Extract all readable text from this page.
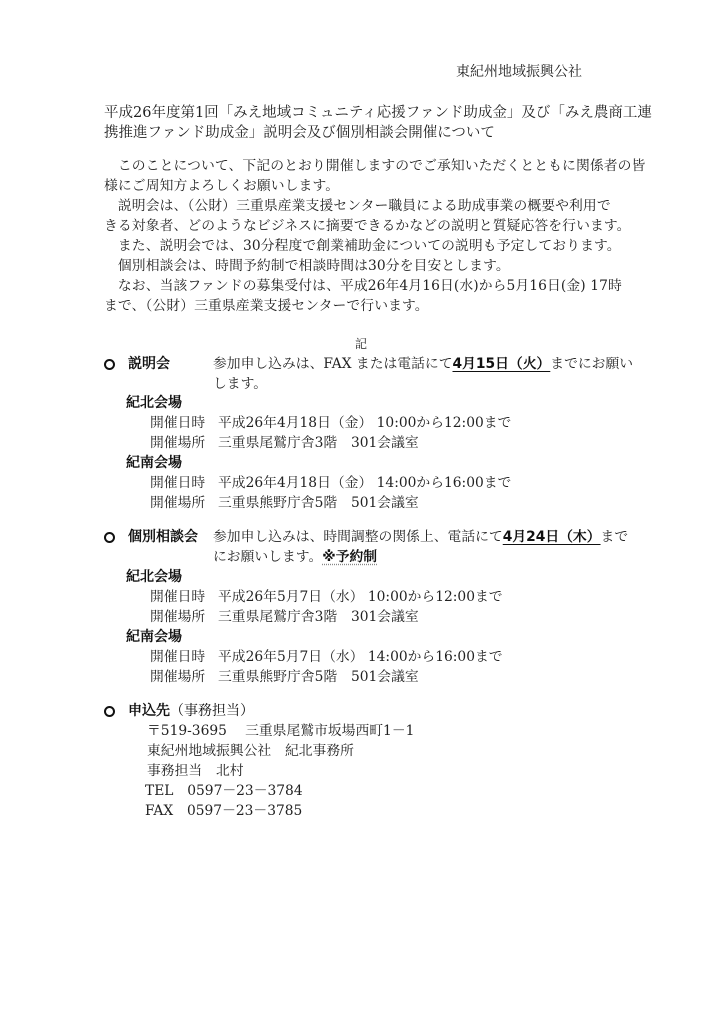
東紀州地域振興公社
平成26年度第1回「みえ地域コミュニティ応援ファンド助成金」及び「みえ農商工連
携推進ファンド助成金」説明会及び個別相談会開催について
　このことについて、下記のとおり開催しますのでご承知いただくとともに関係者の皆
様にご周知方よろしくお願いします。
　説明会は、（公財）三重県産業支援センター職員による助成事業の概要や利用で
きる対象者、どのようなビジネスに摘要できるかなどの説明と質疑応答を行います。
　また、説明会では、30分程度で創業補助金についての説明も予定しております。
　個別相談会は、時間予約制で相談時間は30分を目安とします。
　なお、当該ファンドの募集受付は、平成26年4月16日(水)から5月16日(金) 17時
まで、（公財）三重県産業支援センターで行います。
記
説明会	参加申し込みは、FAX または電話にて4月15日（火）までにお願い
します。
紀北会場
開催日時 平成26年4月18日（金） 10:00から12:00まで
開催場所 三重県尾鷲庁舎3階　301会議室
紀南会場
開催日時 平成26年4月18日（金） 14:00から16:00まで
開催場所 三重県熊野庁舎5階　501会議室
個別相談会 参加申し込みは、時間調整の関係上、電話にて4月24日（木）まで
にお願いします。※予約制
紀北会場
開催日時 平成26年5月7日（水） 10:00から12:00まで
開催場所 三重県尾鷲庁舎3階　301会議室
紀南会場
開催日時 平成26年5月7日（水） 14:00から16:00まで
開催場所 三重県熊野庁舎5階　501会議室
申込先（事務担当）
〒519-3695　 三重県尾鷲市坂場西町1－1
東紀州地域振興公社　紀北事務所
事務担当　北村
TEL　0597－23－3784
FAX　0597－23－3785
